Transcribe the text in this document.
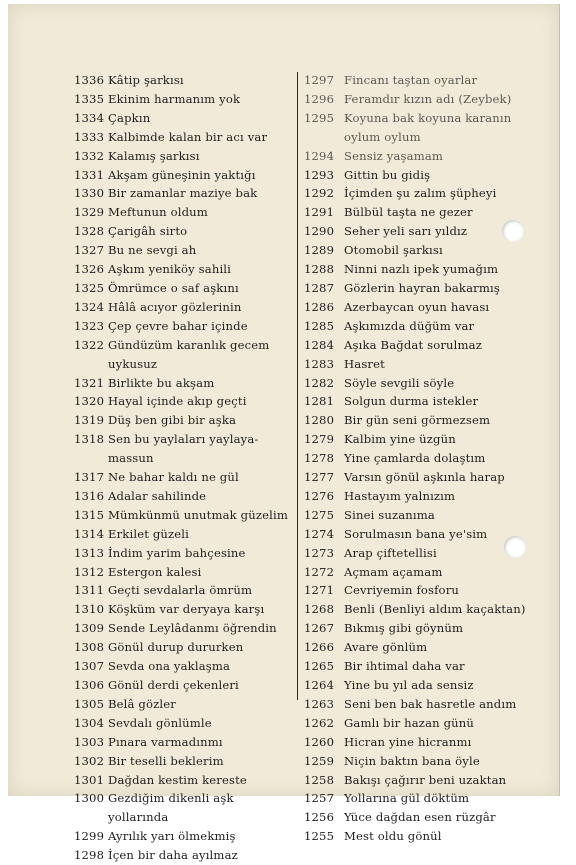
1336 Kâtip şarkısı
1335 Ekinim harmanım yok
1334 Çapkın
1333 Kalbimde kalan bir acı var
1332 Kalamış şarkısı
1331 Akşam güneşinin yaktığı
1330 Bir zamanlar maziye bak
1329 Meftunun oldum
1328 Çarigâh sirto
1327 Bu ne sevgi ah
1326 Aşkım yeniköy sahili
1325 Ömrümce o saf aşkını
1324 Hâlâ acıyor gözlerinin
1323 Çep çevre bahar içinde
1322 Gündüzüm karanlık gecem uykusuz
1321 Birlikte bu akşam
1320 Hayal içinde akıp geçti
1319 Düş ben gibi bir aşka
1318 Sen bu yaylaları yaylaya-massun
1317 Ne bahar kaldı ne gül
1316 Adalar sahilinde
1315 Mümkünmü unutmak güzelim
1314 Erkilet güzeli
1313 İndim yarim bahçesine
1312 Estergon kalesi
1311 Geçti sevdalarla ömrüm
1310 Köşküm var deryaya karşı
1309 Sende Leylâdanmı öğrendin
1308 Gönül durup dururken
1307 Sevda ona yaklaşma
1306 Gönül derdi çekenleri
1305 Belâ gözler
1304 Sevdalı gönlümle
1303 Pınara varmadınmı
1302 Bir teselli beklerim
1301 Dağdan kestim kereste
1300 Gezdiğim dikenli aşk yollarında
1299 Ayrılık yarı ölmekmiş
1298 İçen bir daha ayılmaz
1297 Fincanı taştan oyarlar
1296 Feramdır kızın adı (Zeybek)
1295 Koyuna bak koyuna karanın oylum oylum
1294 Sensiz yaşamam
1293 Gittin bu gidiş
1292 İçimden şu zalım şüpheyi
1291 Bülbül taşta ne gezer
1290 Seher yeli sarı yıldız
1289 Otomobil şarkısı
1288 Ninni nazlı ipek yumağım
1287 Gözlerin hayran bakarmış
1286 Azerbaycan oyun havası
1285 Aşkımızda düğüm var
1284 Aşıka Bağdat sorulmaz
1283 Hasret
1282 Söyle sevgili söyle
1281 Solgun durma istekler
1280 Bir gün seni görmezsem
1279 Kalbim yine üzgün
1278 Yine çamlarda dolaştım
1277 Varsın gönül aşkınla harap
1276 Hastayım yalnızım
1275 Sinei suzanıma
1274 Sorulmasın bana ye'sim
1273 Arap çiftetellisi
1272 Açmam açamam
1271 Cevriyemin fosforu
1268 Benli (Benliyi aldım kaçaktan)
1267 Bıkmış gibi göynüm
1266 Avare gönlüm
1265 Bir ihtimal daha var
1264 Yine bu yıl ada sensiz
1263 Seni ben bak hasretle andım
1262 Gamlı bir hazan günü
1260 Hicran yine hicranmı
1259 Niçin baktın bana öyle
1258 Bakışı çağırır beni uzaktan
1257 Yollarına gül döktüm
1256 Yüce dağdan esen rüzgâr
1255 Mest oldu gönül
